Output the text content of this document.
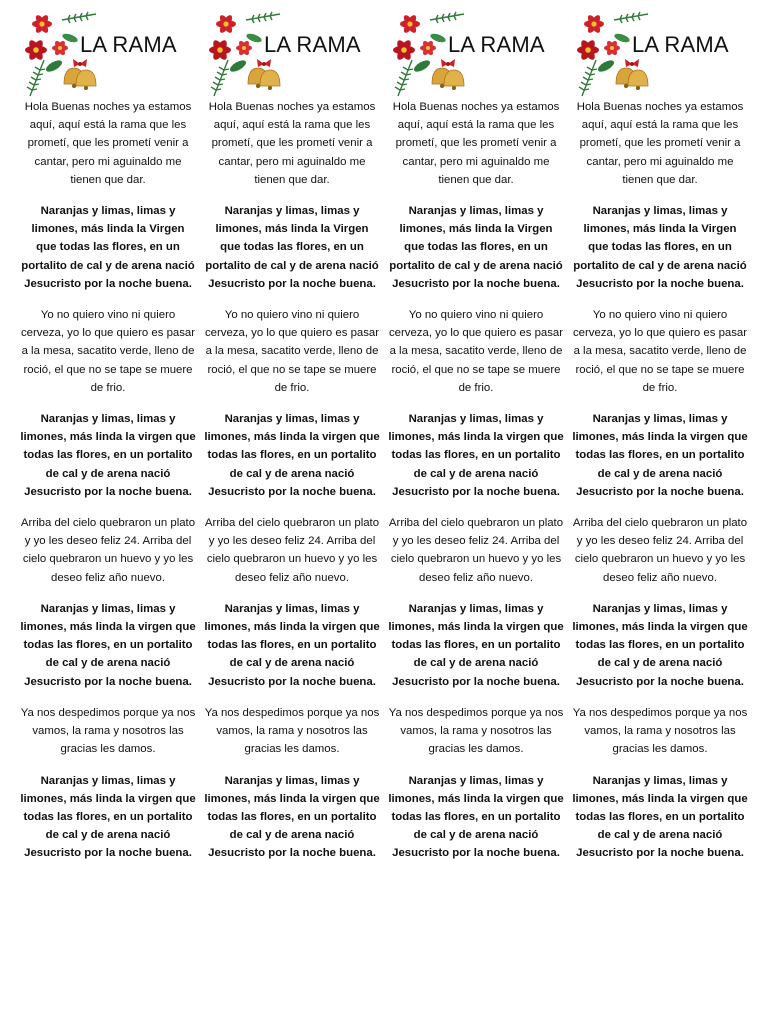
LA RAMA

Hola Buenas noches ya estamos aquí, aquí está la rama que les prometí, que les prometí venir a cantar, pero mi aguinaldo me tienen que dar.

Naranjas y limas, limas y limones, más linda la Virgen que todas las flores, en un portalito de cal y de arena nació Jesucristo por la noche buena.

Yo no quiero vino ni quiero cerveza, yo lo que quiero es pasar a la mesa, sacatito verde, lleno de roció, el que no se tape se muere de frio.

Naranjas y limas, limas y limones, más linda la virgen que todas las flores, en un portalito de cal y de arena nació Jesucristo por la noche buena.

Arriba del cielo quebraron un plato y yo les deseo feliz 24. Arriba del cielo quebraron un huevo y yo les deseo feliz año nuevo.

Naranjas y limas, limas y limones, más linda la virgen que todas las flores, en un portalito de cal y de arena nació Jesucristo por la noche buena.

Ya nos despedimos porque ya nos vamos, la rama y nosotros las gracias les damos.

Naranjas y limas, limas y limones, más linda la virgen que todas las flores, en un portalito de cal y de arena nació Jesucristo por la noche buena.

LA RAMA

Hola Buenas noches ya estamos aquí, aquí está la rama que les prometí, que les prometí venir a cantar, pero mi aguinaldo me tienen que dar.

Naranjas y limas, limas y limones, más linda la Virgen que todas las flores, en un portalito de cal y de arena nació Jesucristo por la noche buena.

Yo no quiero vino ni quiero cerveza, yo lo que quiero es pasar a la mesa, sacatito verde, lleno de roció, el que no se tape se muere de frio.

Naranjas y limas, limas y limones, más linda la virgen que todas las flores, en un portalito de cal y de arena nació Jesucristo por la noche buena.

Arriba del cielo quebraron un plato y yo les deseo feliz 24. Arriba del cielo quebraron un huevo y yo les deseo feliz año nuevo.

Naranjas y limas, limas y limones, más linda la virgen que todas las flores, en un portalito de cal y de arena nació Jesucristo por la noche buena.

Ya nos despedimos porque ya nos vamos, la rama y nosotros las gracias les damos.

Naranjas y limas, limas y limones, más linda la virgen que todas las flores, en un portalito de cal y de arena nació Jesucristo por la noche buena.

LA RAMA

Hola Buenas noches ya estamos aquí, aquí está la rama que les prometí, que les prometí venir a cantar, pero mi aguinaldo me tienen que dar.

Naranjas y limas, limas y limones, más linda la Virgen que todas las flores, en un portalito de cal y de arena nació Jesucristo por la noche buena.

Yo no quiero vino ni quiero cerveza, yo lo que quiero es pasar a la mesa, sacatito verde, lleno de roció, el que no se tape se muere de frio.

Naranjas y limas, limas y limones, más linda la virgen que todas las flores, en un portalito de cal y de arena nació Jesucristo por la noche buena.

Arriba del cielo quebraron un plato y yo les deseo feliz 24. Arriba del cielo quebraron un huevo y yo les deseo feliz año nuevo.

Naranjas y limas, limas y limones, más linda la virgen que todas las flores, en un portalito de cal y de arena nació Jesucristo por la noche buena.

Ya nos despedimos porque ya nos vamos, la rama y nosotros las gracias les damos.

Naranjas y limas, limas y limones, más linda la virgen que todas las flores, en un portalito de cal y de arena nació Jesucristo por la noche buena.

LA RAMA

Hola Buenas noches ya estamos aquí, aquí está la rama que les prometí, que les prometí venir a cantar, pero mi aguinaldo me tienen que dar.

Naranjas y limas, limas y limones, más linda la Virgen que todas las flores, en un portalito de cal y de arena nació Jesucristo por la noche buena.

Yo no quiero vino ni quiero cerveza, yo lo que quiero es pasar a la mesa, sacatito verde, lleno de roció, el que no se tape se muere de frio.

Naranjas y limas, limas y limones, más linda la virgen que todas las flores, en un portalito de cal y de arena nació Jesucristo por la noche buena.

Arriba del cielo quebraron un plato y yo les deseo feliz 24. Arriba del cielo quebraron un huevo y yo les deseo feliz año nuevo.

Naranjas y limas, limas y limones, más linda la virgen que todas las flores, en un portalito de cal y de arena nació Jesucristo por la noche buena.

Ya nos despedimos porque ya nos vamos, la rama y nosotros las gracias les damos.

Naranjas y limas, limas y limones, más linda la virgen que todas las flores, en un portalito de cal y de arena nació Jesucristo por la noche buena.
